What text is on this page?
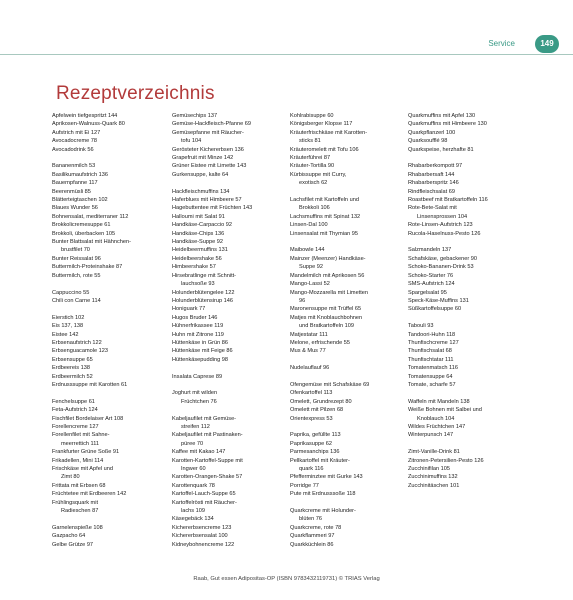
Service	149
Rezeptverzeichnis
Apfelwein tiefgespritzt 144
Aprikosen-Walnuss-Quark 80
Aufstrich mit Ei 127
Avocadocreme 78
Avocadodrink 56
Bananenmilch 53
Basilikumaufstrich 136
Bauernpfanne 117
Beerenmüsli 85
Blätterteigtaschen 102
Blaues Wunder 56
Bohnensalat, mediterraner 112
Brokkolicremesuppe 61
Brokkoli, überbacken 105
Bunter Blattsalat mit Hähnchen-
brustfilet 70
Bunter Reissalat 96
Buttermilch-Proteinshake 87
Buttermilch, rote 55
Cappuccino 55
Chili con Carne 114
Eierstich 102
Eis 137, 138
Eistee 142
Erbsenaufstrich 122
Erbsenguacamole 123
Erbsensuppe 65
Erdbeereis 138
Erdbeermilch 52
Erdnusssuppe mit Karotten 61
Fenchelsuppe 61
Feta-Aufstrich 124
Fischfilet Bordelaiser Art 108
Forellencreme 127
Forellenfilet mit Sahne-
meerrettich 111
Frankfurter Grüne Soße 91
Frikadellen, Mini 114
Frischkäse mit Apfel und
Zimt 80
Frittata mit Erbsen 68
Früchtetee mit Erdbeeren 142
Frühlingsquark mit
Radieschen 87
Garnelenspieße 108
Gazpacho 64
Gelbe Grütze 97
Gemüsechips 137
Gemüse-Hackfleisch-Pfanne 69
Gemüsepfanne mit Räucher-
tofu 104
Gerösteter Kichererbsen 136
Grapefruit mit Minze 142
Grüner Eistee mit Limette 143
Gurkensuppe, kalte 64
Hackfleischmuffins 134
Haferblues mit Himbeere 57
Hagebuttentee mit Früchten 143
Halloumi mit Salat 91
Handkäse-Carpaccio 92
Handkäse-Chips 136
Handkäse-Suppe 92
Heidelbeermuffins 131
Heidelbeershake 56
Himbeershake 57
Hirsebratlinge mit Schnitt-
lauchsoße 93
Holunderblütengelee 122
Holunderblütensirup 146
Honiguark 77
Hugos Bruder 146
Hühnerfrikassee 119
Huhn mit Zitrone 119
Hüttenkäse in Grün 86
Hüttenkäse mit Feige 86
Hüttenkäsepudding 98
Insalata Caprese 89
Joghurt mit wilden
Früchtchen 76
Kabeljaufilet mit Gemüse-
streifen 112
Kabeljaufilet mit Pastinaken-
püree 70
Kaffee mit Kakao 147
Karotten-Kartoffel-Suppe mit
Ingwer 60
Karotten-Orangen-Shake 57
Karottenquark 78
Kartoffel-Lauch-Suppe 65
Kartoffelrösti mit Räucher-
lachs 109
Käsegebäck 134
Kichererbsencreme 123
Kichererbsensalat 100
Kidneybohnencreme 122
Kohlrabisuppe 60
Königsberger Klopse 117
Kräuterfrischkäse mit Karotten-
sticks 81
Kräuteromelett mit Tofu 106
Kräuterführei 87
Kräuter-Tortilla 90
Kürbissuppe mit Curry,
exotisch 62
Lachsfilet mit Kartoffeln und
Brokkoli 106
Lachsmuffins mit Spinat 132
Linsen-Dal 100
Linsensalat mit Thymian 95
Maibowle 144
Mainzer (Meenzer) Handkäse-
Suppe 92
Mandelmilch mit Aprikosen 56
Mango-Lassi 52
Mango-Mozzarella mit Limetten
96
Maronensuppe mit Trüffel 65
Matjes mit Knoblauchbohnen
und Bratkartoffeln 109
Matjestatar 111
Melone, erfrischende 55
Mus & Mus 77
Nudelauflauf 96
Ofengemüse mit Schafskäse 69
Ofenkartoffel 113
Omelett, Grundrezept 80
Omelett mit Pilzen 68
Orientexpress 53
Paprika, gefüllte 113
Paprikasuppe 62
Parmesanchips 136
Pellkartoffel mit Kräuter-
quark 116
Pfefferminztee mit Gurke 143
Porridge 77
Pute mit Erdnusssoße 118
Quarkcreme mit Holunder-
blüten 76
Quarkcreme, rote 78
Quarkflammeri 97
Quarkküchlein 86
Quarkmuffins mit Apfel 130
Quarkmuffins mit Himbeere 130
Quarkpflanzerl 100
Quarksoufflé 98
Quarkspeise, herzhafte 81
Rhabarberkompott 97
Rhabarbersaft 144
Rhabarberspritz 146
Rindfleischsalat 69
Roastbeef mit Bratkartoffeln 116
Rote-Bete-Salat mit
Linsensprossen 104
Rote-Linsen-Aufstrich 123
Rucola-Haselnuss-Pesto 126
Salzmandeln 137
Schafskäse, gebackener 90
Schoko-Bananen-Drink 53
Schoko-Starter 76
SMS-Aufstrich 124
Spargelsalat 95
Speck-Käse-Muffins 131
Süßkartoffelsuppe 60
Tabouli 93
Tandoori-Huhn 118
Thunfischcreme 127
Thunfischsalat 68
Thunfischtatar 111
Tomatenmatsch 116
Tomatensuppe 64
Tomate, scharfe 57
Waffeln mit Mandeln 138
Weiße Bohnen mit Salbei und
Knoblauch 104
Wildes Früchtchen 147
Winterpunsch 147
Zimt-Vanille-Drink 81
Zitronen-Petersilien-Pesto 126
Zucchinifilan 105
Zucchinimuffins 132
Zucchinitäschen 101
Raab, Gut essen Adipositas-OP (ISBN 9783432119731) © TRIAS Verlag
